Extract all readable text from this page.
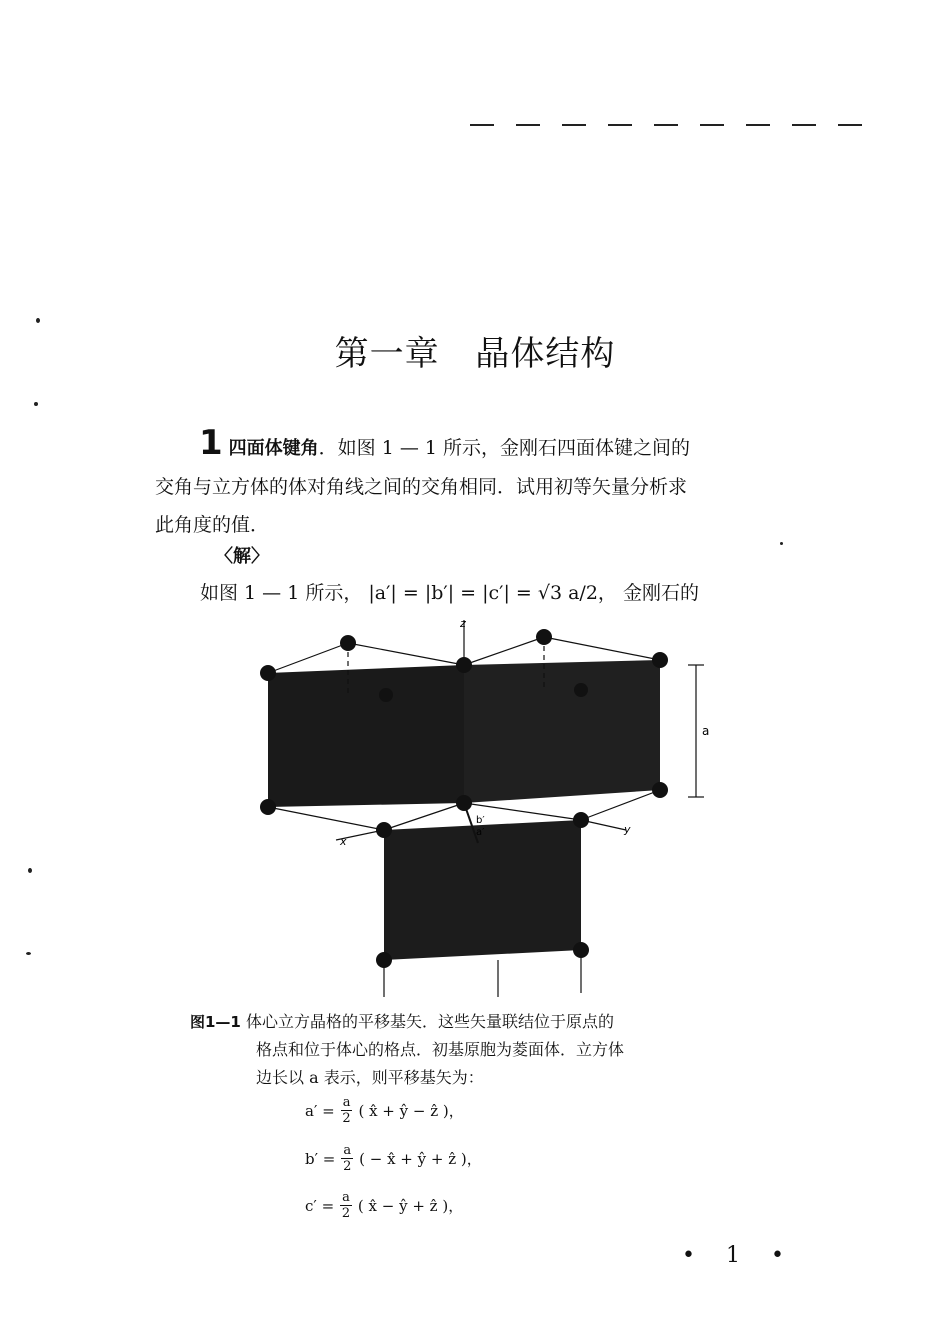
第一章 晶体结构
1 四面体键角．如图 1 — 1 所示，金刚石四面体键之间的
交角与立方体的体对角线之间的交角相同．试用初等矢量分析求
此角度的值．
〈解〉
如图 1 — 1 所示， |a′| = |b′| = |c′| = √3 a/2， 金刚石的
z
x
y
a
b′
a′
图1—1 体心立方晶格的平移基矢．这些矢量联结位于原点的
格点和位于体心的格点．初基原胞为菱面体．立方体
边长以 a 表示，则平移基矢为：
$a' = \frac{a}{2}$ ( x̂ + ŷ − ẑ )，
$b' = \frac{a}{2}$ ( − x̂ + ŷ + ẑ )，
$c' = \frac{a}{2}$ ( x̂ − ŷ + ẑ )，
• 1 •
